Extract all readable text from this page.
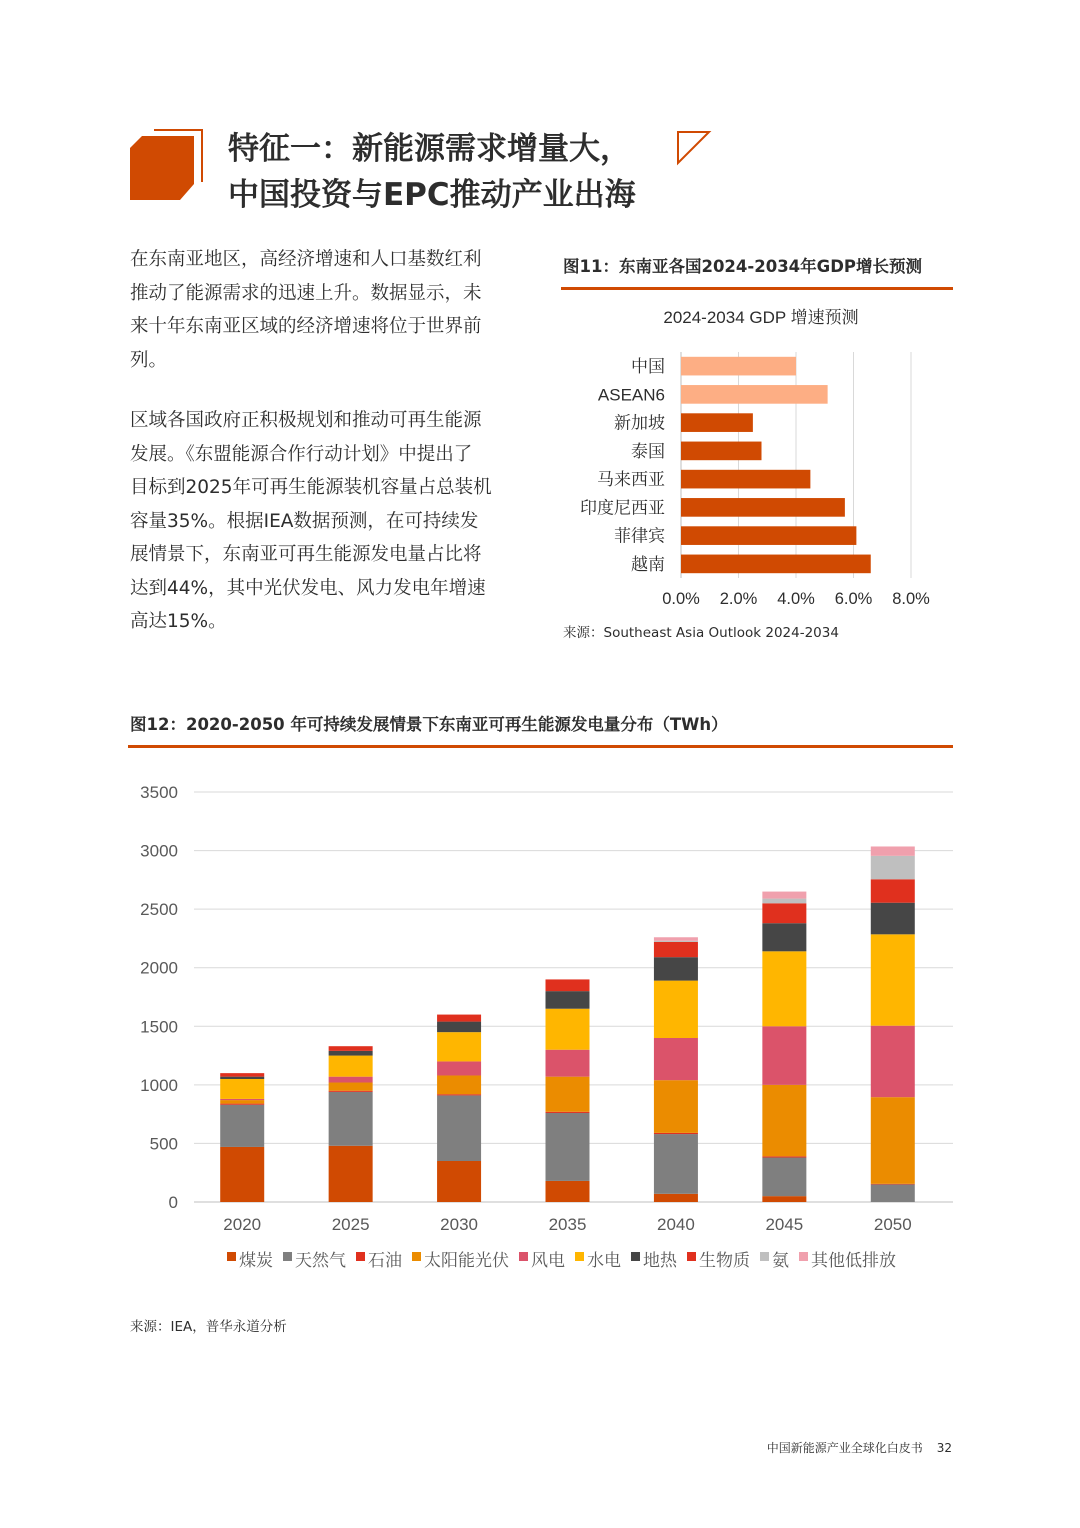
特征一：新能源需求增量大，
中国投资与EPC推动产业出海
在东南亚地区，高经济增速和人口基数红利
推动了能源需求的迅速上升。数据显示，未
来十年东南亚区域的经济增速将位于世界前
列。
区域各国政府正积极规划和推动可再生能源
发展。《东盟能源合作行动计划》中提出了
目标到2025年可再生能源装机容量占总装机
容量35%。根据IEA数据预测，在可持续发
展情景下，东南亚可再生能源发电量占比将
达到44%，其中光伏发电、风力发电年增速
高达15%。
图11：东南亚各国2024-2034年GDP增长预测
2024-2034 GDP 增速预测
0.0% 2.0% 4.0% 6.0% 8.0%
中国
ASEAN6
新加坡
泰国
马来西亚
印度尼西亚
菲律宾
越南
来源：Southeast Asia Outlook 2024-2034
图12：2020-2050 年可持续发展情景下东南亚可再生能源发电量分布（TWh）
0
500
1000
1500
2000
2500
3000
3500
2020	2025	2030	2035	2040	2045	2050
煤炭 天然气 石油 太阳能光伏 风电 水电 地热 生物质 氨 其他低排放
来源：IEA，普华永道分析
中国新能源产业全球化白皮书 32
